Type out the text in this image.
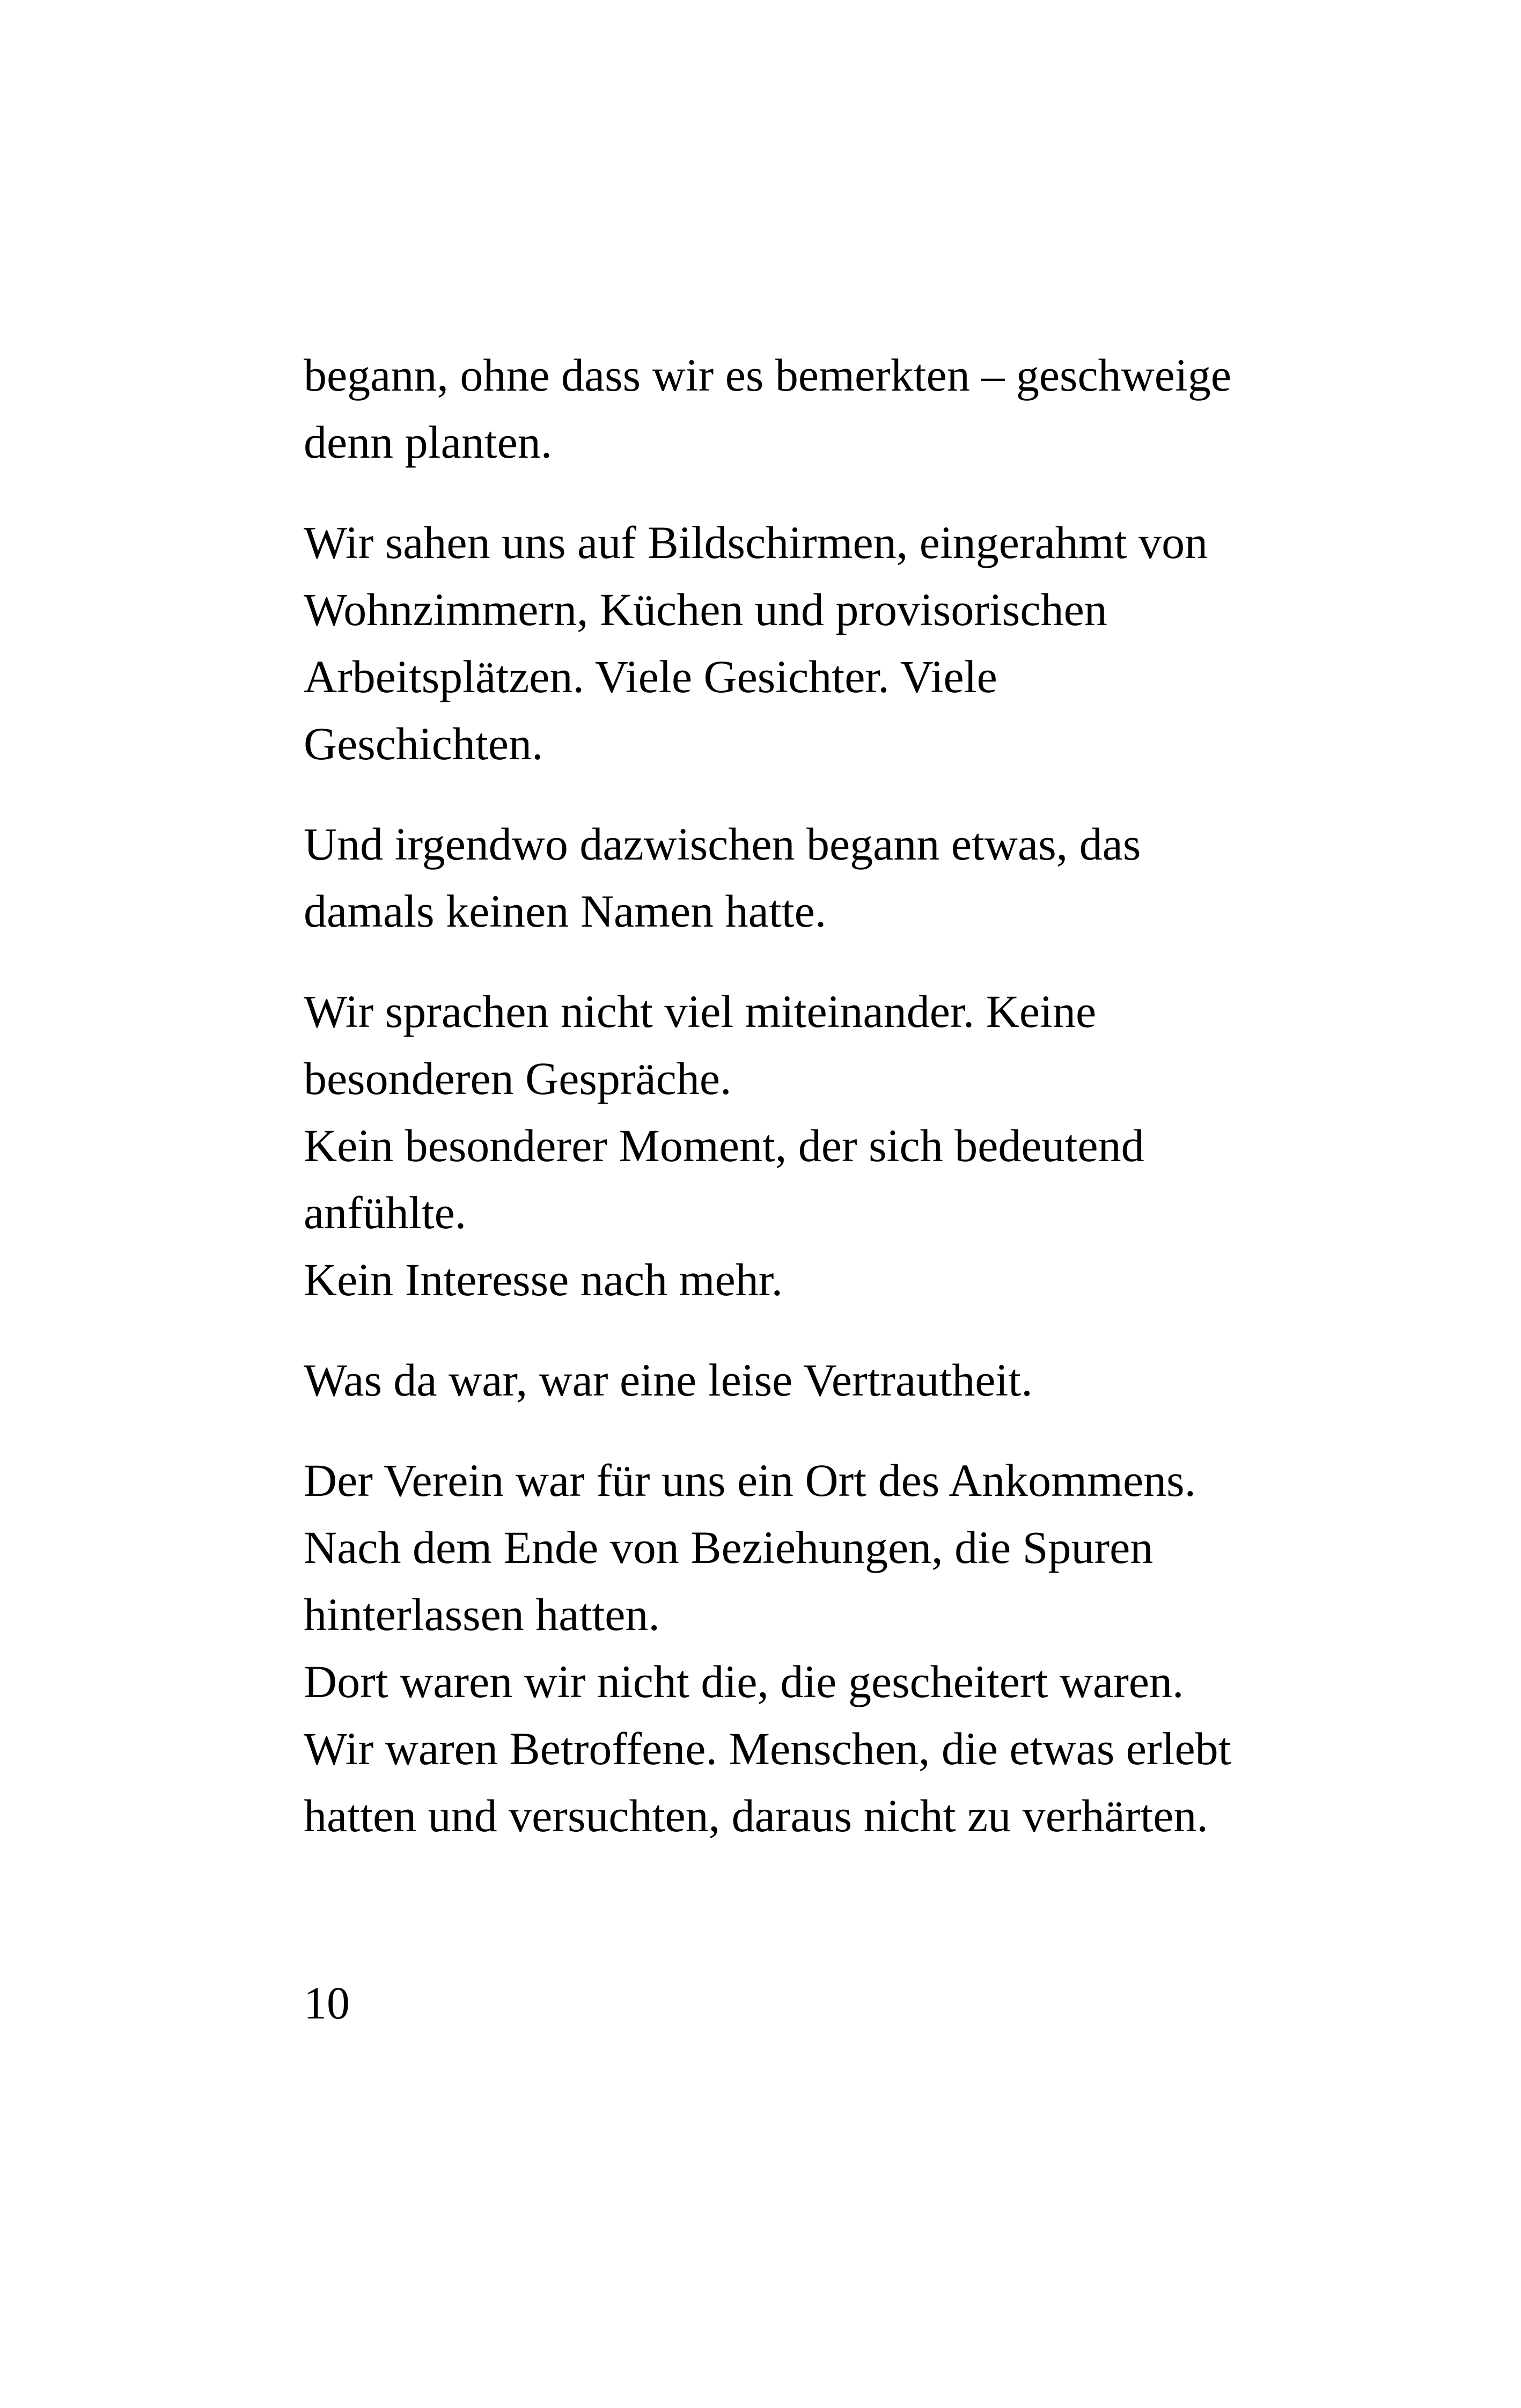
begann, ohne dass wir es bemerkten – geschweige

denn planten.

Wir sahen uns auf Bildschirmen, eingerahmt von

Wohnzimmern, Küchen und provisorischen

Arbeitsplätzen. Viele Gesichter. Viele

Geschichten.

Und irgendwo dazwischen begann etwas, das

damals keinen Namen hatte.

Wir sprachen nicht viel miteinander. Keine

besonderen Gespräche.

Kein besonderer Moment, der sich bedeutend

anfühlte.

Kein Interesse nach mehr.

Was da war, war eine leise Vertrautheit.

Der Verein war für uns ein Ort des Ankommens.

Nach dem Ende von Beziehungen, die Spuren

hinterlassen hatten.

Dort waren wir nicht die, die gescheitert waren.

Wir waren Betroffene. Menschen, die etwas erlebt

hatten und versuchten, daraus nicht zu verhärten.

10
